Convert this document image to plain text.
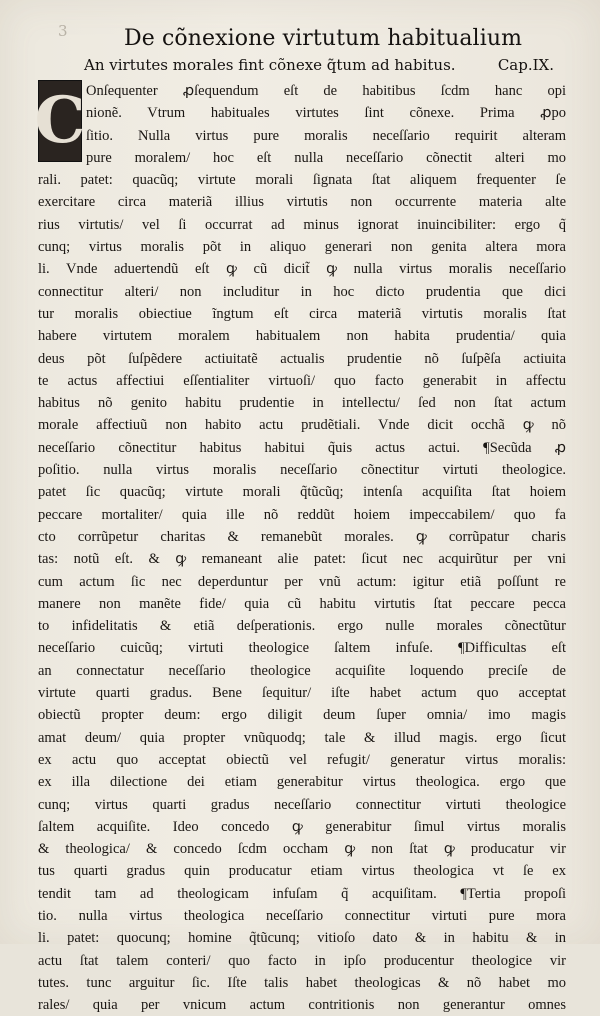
3	De cõnexione virtutum habitualium
An virtutes morales fint cõnexe q̃tum ad habitus.	Cap.IX.
Onſequenter ꝓſequendum eſt de habitibus ſcdm hanc opi
nionẽ. Vtrum habituales virtutes ſint cõnexe. Prima ꝓpo
ſitio. Nulla virtus pure moralis neceſſario requirit alteram
pure moralem/ hoc eſt nulla neceſſario cõnectit alteri mo
rali. patet: quacũq; virtute morali ſignata ſtat aliquem frequenter ſe
exercitare circa materiã illius virtutis non occurrente materia alte
rius virtutis/ vel ſi occurrat ad minus ignorat inuincibiliter: ergo q̃
cunq; virtus moralis põt in aliquo generari non genita altera mora
li. Vnde aduertendũ eſt ꝙ cũ dicit̃ ꝙ nulla virtus moralis neceſſario
connectitur alteri/ non includitur in hoc dicto prudentia que dici
tur moralis obiectiue ĩngtum eſt circa materiã virtutis moralis ſtat
habere virtutem moralem habitualem non habita prudentia/ quia
deus põt ſuſpẽdere actiuitatẽ actualis prudentie nõ ſuſpẽſa actiuita
te actus affectiui eſſentialiter virtuoſi/ quo facto generabit in affectu
habitus nõ genito habitu prudentie in intellectu/ ſed non ſtat actum
morale affectiuũ non habito actu prudẽtiali. Vnde dicit occhã ꝙ nõ
neceſſario cõnectitur habitus habitui q̃uis actus actui. ¶Secũda ꝓ
poſitio. nulla virtus moralis neceſſario cõnectitur virtuti theologice.
patet ſic quacũq; virtute morali q̃tũcũq; intenſa acquiſita ſtat hoiem
peccare mortaliter/ quia ille nõ reddũt hoiem impeccabilem/ quo fa
cto corrũpetur charitas & remanebũt morales. ꝙ corrũpatur charis
tas: notũ eſt. & ꝙ remaneant alie patet: ſicut nec acquirũtur per vni
cum actum ſic nec deperduntur per vnũ actum: igitur etiã poſſunt re
manere non manẽte fide/ quia cũ habitu virtutis ſtat peccare pecca
to infidelitatis & etiã deſperationis. ergo nulle morales cõnectũtur
neceſſario cuicũq; virtuti theologice ſaltem infuſe. ¶Difficultas eſt
an connectatur neceſſario theologice acquiſite loquendo preciſe de
virtute quarti gradus. Bene ſequitur/ iſte habet actum quo acceptat
obiectũ propter deum: ergo diligit deum ſuper omnia/ imo magis
amat deum/ quia propter vnũquodq; tale & illud magis. ergo ſicut
ex actu quo acceptat obiectũ vel refugit/ generatur virtus moralis:
ex illa dilectione dei etiam generabitur virtus theologica. ergo que
cunq; virtus quarti gradus neceſſario connectitur virtuti theologice
ſaltem acquiſite. Ideo concedo ꝙ generabitur ſimul virtus moralis
& theologica/ & concedo ſcdm occham ꝙ non ſtat ꝙ producatur vir
tus quarti gradus quin producatur etiam virtus theologica vt ſe ex
tendit tam ad theologicam infuſam q̃ acquiſitam. ¶Tertia propoſi
tio. nulla virtus theologica neceſſario connectitur virtuti pure mora
li. patet: quocunq; homine q̃tũcunq; vitioſo dato & in habitu & in
actu ſtat talem conteri/ quo facto in ipſo producentur theologice vir
tutes. tunc arguitur ſic. Iſte talis habet theologicas & nõ habet mo
rales/ quia per vnicum actum contritionis non generantur omnes
C
